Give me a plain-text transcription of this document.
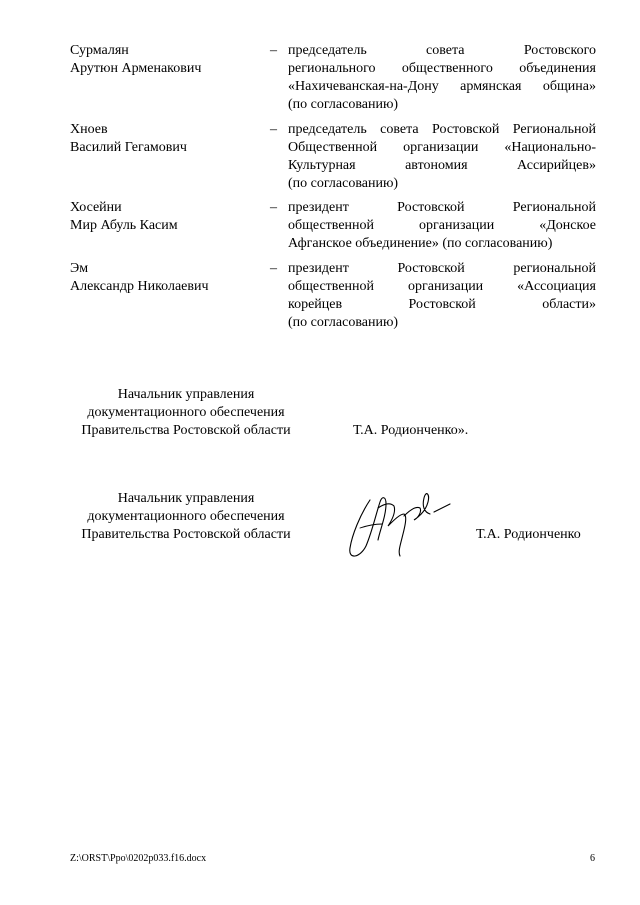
Сурмалян
Арутюн Арменакович
– председатель совета Ростовского
регионального общественного объединения
«Нахичеванская-на-Дону армянская община»
(по согласованию)
Хноев
Василий Гегамович
– председатель совета Ростовской Региональной
Общественной организации «Национально-
Культурная автономия Ассирийцев»
(по согласованию)
Хосейни
Мир Абуль Касим
– президент Ростовской Региональной
общественной организации «Донское
Афганское объединение» (по согласованию)
Эм
Александр Николаевич
– президент Ростовской региональной
общественной организации «Ассоциация
корейцев Ростовской области»
(по согласованию)
Начальник управления
документационного обеспечения
Правительства Ростовской области	Т.А. Родионченко».
Начальник управления
документационного обеспечения
Правительства Ростовской области	Т.А. Родионченко
Z:\ORST\Ppo\0202p033.f16.docx	6
